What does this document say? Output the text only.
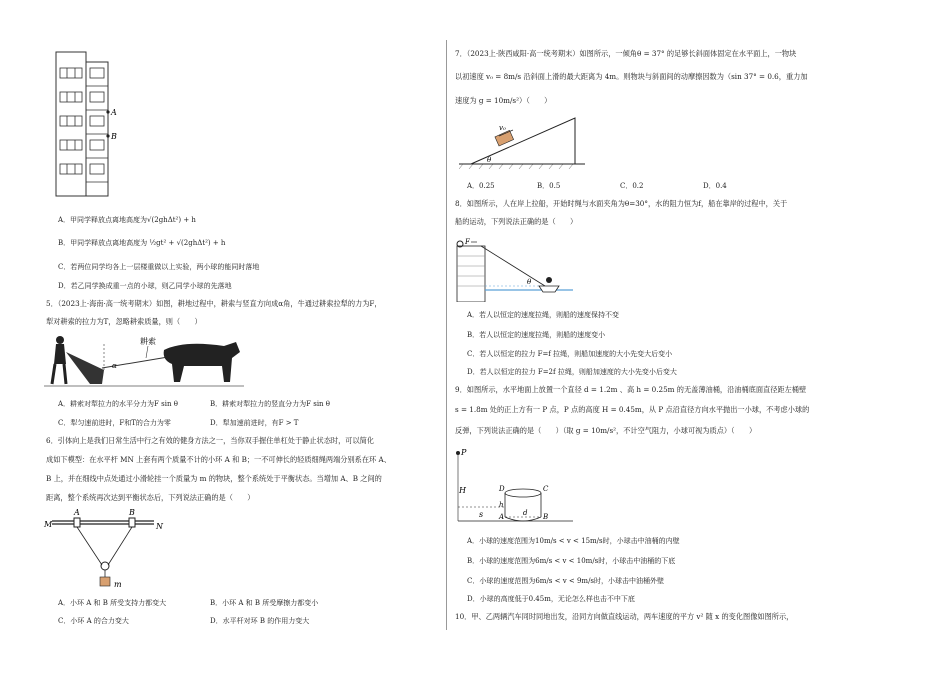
A
B
A．甲同学释放点离地高度为√(2ghΔt²) + h
B．甲同学释放点离地高度为 ½gt² + √(2ghΔt²) + h
C．若两位同学均各上一层楼重做以上实验，两小球的能同时落地
D．若乙同学换成重一点的小球，则乙同学小球的先落地
5．（2023上·海南·高一统考期末）如图，耕地过程中，耕索与竖直方向成α角，牛通过耕索拉犁的力为F，
犁对耕索的拉力为T，忽略耕索质量，则（　　）
α
耕索
A．耕索对犁拉力的水平分力为F sin θ	B．耕索对犁拉力的竖直分力为F sin θ
C．犁匀速前进时，F和T的合力为零	D．犁加速前进时，有F > T
6．引体向上是我们日常生活中行之有效的健身方法之一，当你双手握住单杠处于静止状态时，可以简化
成如下模型：在水平杆 MN 上套有两个质量不计的小环 A 和 B；一不可伸长的轻质细绳两端分别系在环 A、
B 上，并在细线中点处通过小滑轮挂一个质量为 m 的物块，整个系统处于平衡状态。当增加 A、B 之间的
距离，整个系统再次达到平衡状态后，下列说法正确的是（　　）
M	N
A	B
m
A．小环 A 和 B 所受支持力都变大	B．小环 A 和 B 所受摩擦力都变小
C．小环 A 的合力变大	D．水平杆对环 B 的作用力变大
7．（2023上·陕西咸阳·高一统考期末）如图所示，一倾角θ = 37° 的足够长斜面体固定在水平面上，一物块
以初速度 v₀ = 8m/s 沿斜面上滑的最大距离为 4m。则物块与斜面间的动摩擦因数为（sin 37° = 0.6，重力加
速度为 g = 10m/s²）（　　）
v₀
θ
A．0.25	B．0.5	C．0.2	D．0.4
8．如图所示，人在岸上拉船，开始时绳与水面夹角为θ=30°，水的阻力恒为f，船在靠岸的过程中，关于
船的运动，下列说法正确的是（　　）
F
θ
A．若人以恒定的速度拉绳，则船的速度保持不变
B．若人以恒定的速度拉绳，则船的速度变小
C．若人以恒定的拉力 F=f 拉绳，则船加速度的大小先变大后变小
D．若人以恒定的拉力 F=2f 拉绳，则船加速度的大小先变小后变大
9．如图所示，水平地面上放置一个直径 d = 1.2m 、高 h = 0.25m 的无盖薄油桶，沿油桶底面直径距左桶壁
s = 1.8m 处的正上方有一 P 点，P 点的高度 H = 0.45m，从 P 点沿直径方向水平抛出一小球，不考虑小球的
反弹，下列说法正确的是（　　）（取 g = 10m/s²，不计空气阻力，小球可视为质点）（　　）
P
H
s
D	C
A	B
h
d
A．小球的速度范围为10m/s < v < 15m/s时，小球击中油桶的内壁
B．小球的速度范围为6m/s < v < 10m/s时，小球击中油桶的下底
C．小球的速度范围为6m/s < v < 9m/s时，小球击中油桶外壁
D．小球的高度低于0.45m，无论怎么样也击不中下底
10．甲、乙两辆汽车同时同地出发，沿同方向做直线运动，两车速度的平方 v² 随 x 的变化图像如图所示，
